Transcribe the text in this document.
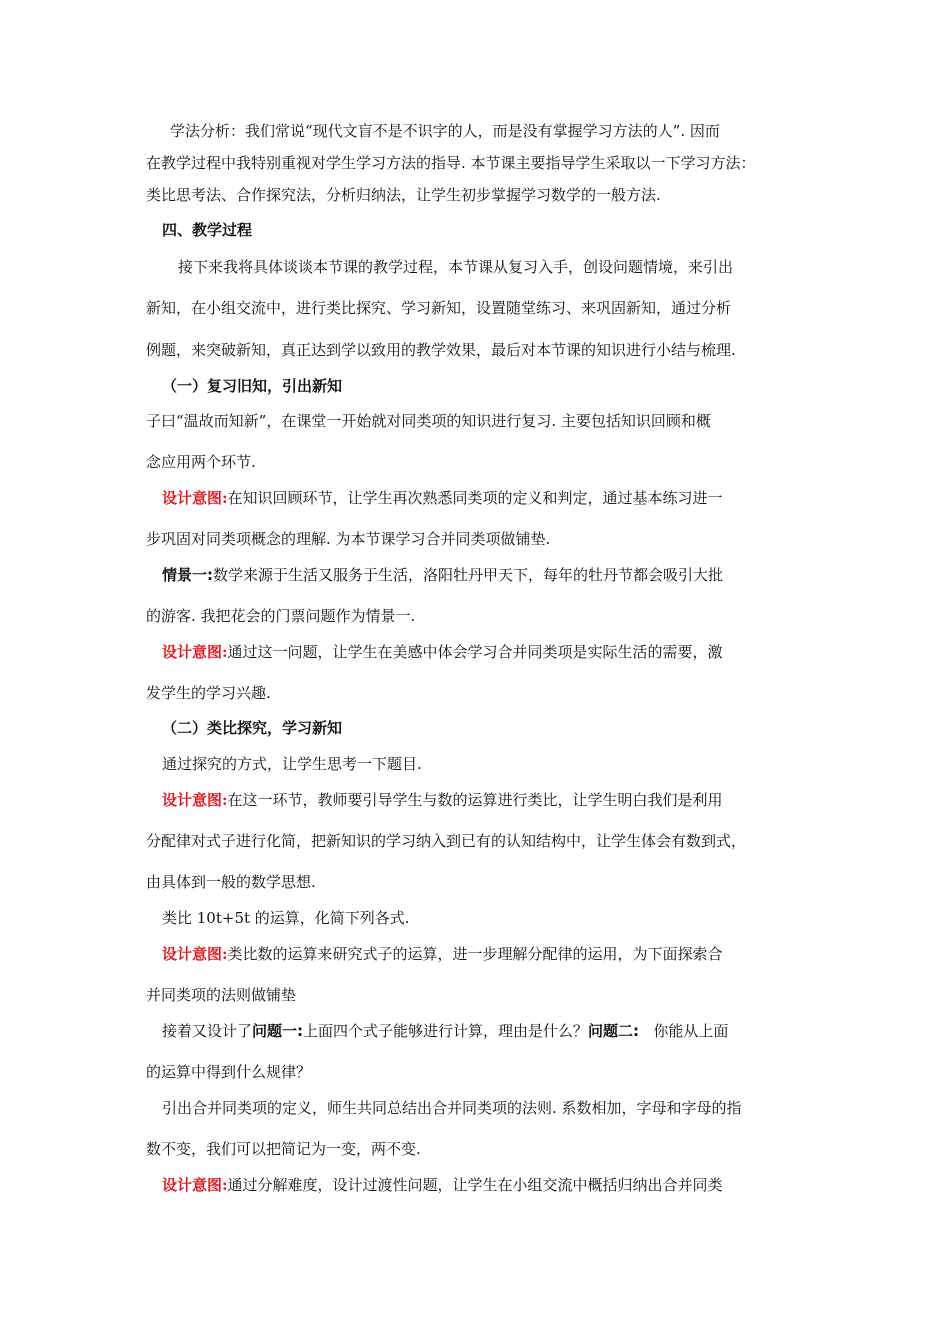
学法分析：我们常说“现代文盲不是不识字的人，而是没有掌握学习方法的人”. 因而
在教学过程中我特别重视对学生学习方法的指导. 本节课主要指导学生采取以一下学习方法：
类比思考法、合作探究法，分析归纳法，让学生初步掌握学习数学的一般方法.
四、教学过程
接下来我将具体谈谈本节课的教学过程，本节课从复习入手，创设问题情境，来引出
新知，在小组交流中，进行类比探究、学习新知，设置随堂练习、来巩固新知，通过分析
例题，来突破新知，真正达到学以致用的教学效果，最后对本节课的知识进行小结与梳理.
（一）复习旧知，引出新知
子曰“温故而知新”，在课堂一开始就对同类项的知识进行复习. 主要包括知识回顾和概
念应用两个环节.
设计意图:在知识回顾环节，让学生再次熟悉同类项的定义和判定，通过基本练习进一
步巩固对同类项概念的理解. 为本节课学习合并同类项做铺垫.
情景一:数学来源于生活又服务于生活，洛阳牡丹甲天下，每年的牡丹节都会吸引大批
的游客. 我把花会的门票问题作为情景一.
设计意图:通过这一问题，让学生在美感中体会学习合并同类项是实际生活的需要，激
发学生的学习兴趣.
（二）类比探究，学习新知
通过探究的方式，让学生思考一下题目.
设计意图:在这一环节，教师要引导学生与数的运算进行类比，让学生明白我们是利用
分配律对式子进行化简，把新知识的学习纳入到已有的认知结构中，让学生体会有数到式，
由具体到一般的数学思想.
类比 10t+5t 的运算，化简下列各式.
设计意图:类比数的运算来研究式子的运算，进一步理解分配律的运用，为下面探索合
并同类项的法则做铺垫
接着又设计了问题一:上面四个式子能够进行计算，理由是什么？问题二: 你能从上面
的运算中得到什么规律？
引出合并同类项的定义，师生共同总结出合并同类项的法则. 系数相加，字母和字母的指
数不变，我们可以把简记为一变，两不变.
设计意图:通过分解难度，设计过渡性问题，让学生在小组交流中概括归纳出合并同类
